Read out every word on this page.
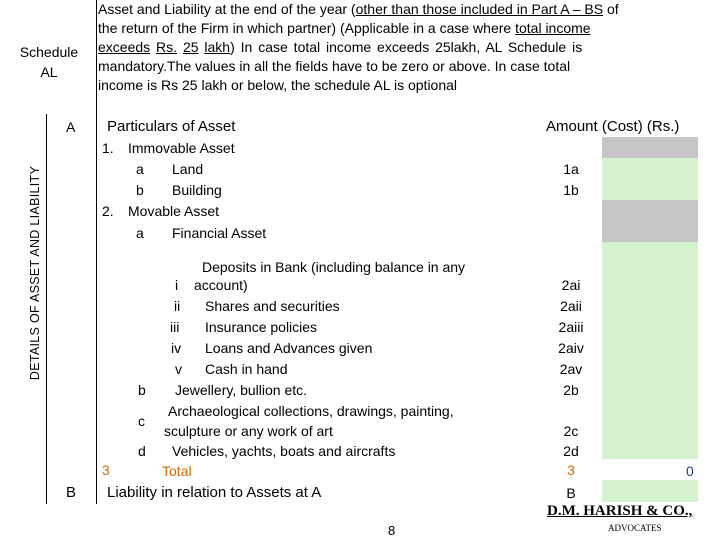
Schedule
AL
DETAILS OF ASSET AND LIABILITY
Asset and Liability at the end of the year (other than those included in Part A – BS of
the return of the Firm in which partner) (Applicable in a case where total income
exceeds Rs. 25 lakh) In case total income exceeds 25lakh, AL Schedule is
mandatory.The values in all the fields have to be zero or above. In case total
income is Rs 25 lakh or below, the schedule AL is optional
A Particulars of Asset	Amount (Cost) (Rs.)
1. Immovable Asset
a Land	1a
b Building	1b
2. Movable Asset
a Financial Asset
Deposits in Bank (including balance in any
i account)	2ai
ii Shares and securities	2aii
iii Insurance policies	2aiii
iv Loans and Advances given	2aiv
v Cash in hand	2av
b Jewellery, bullion etc.	2b
Archaeological collections, drawings, painting,
c
sculpture or any work of art	2c
d Vehicles, yachts, boats and aircrafts	2d
3	Total	3	0
B Liability in relation to Assets at A	B
8
D.M. HARISH & CO.,
ADVOCATES
